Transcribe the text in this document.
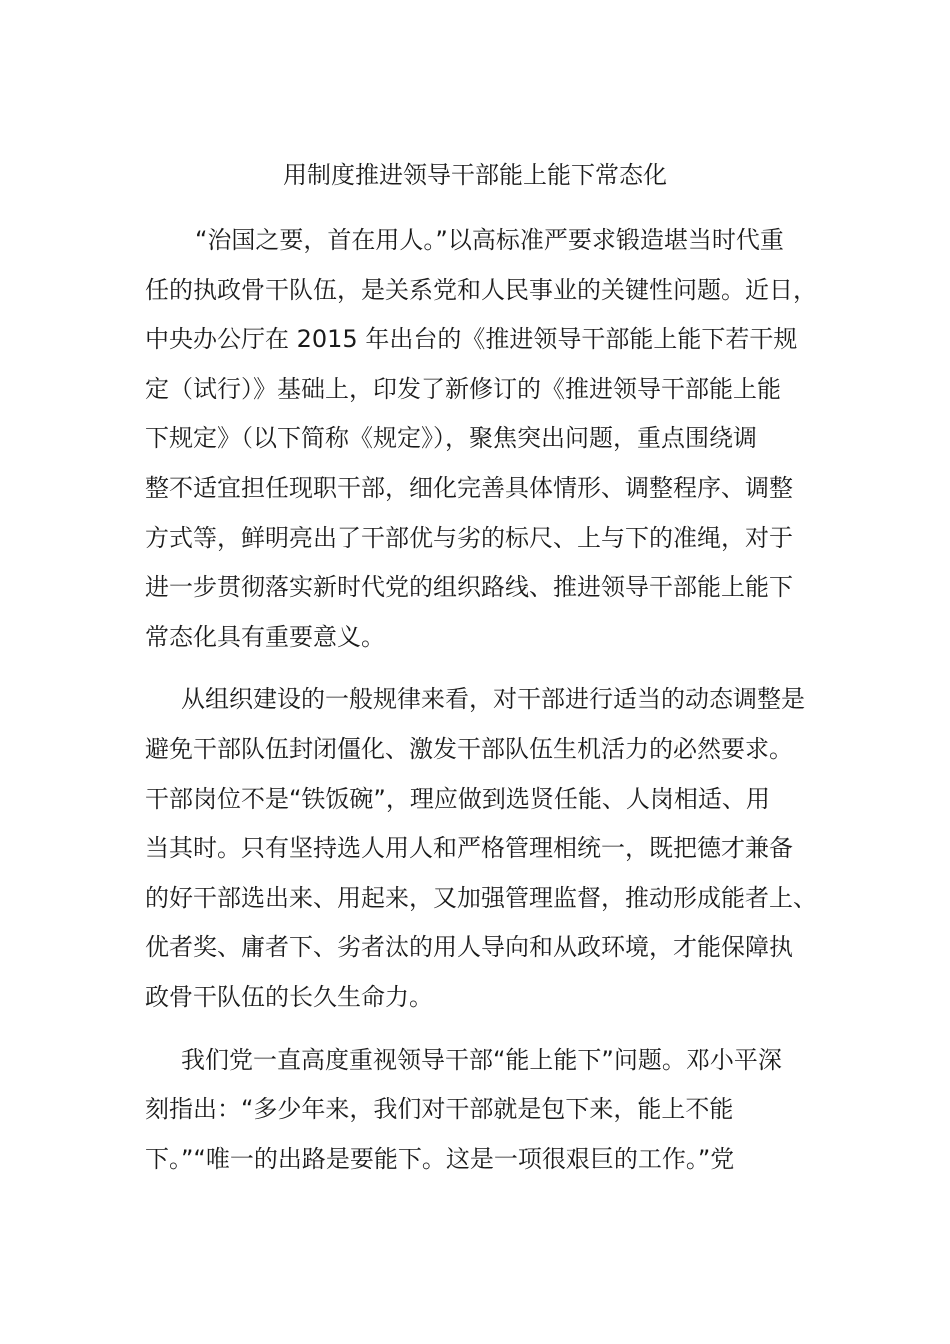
用制度推进领导干部能上能下常态化
“治国之要，首在用人。”以高标准严要求锻造堪当时代重
任的执政骨干队伍，是关系党和人民事业的关键性问题。近日，
中央办公厅在 2015 年出台的《推进领导干部能上能下若干规
定（试行）》基础上，印发了新修订的《推进领导干部能上能
下规定》（以下简称《规定》），聚焦突出问题，重点围绕调
整不适宜担任现职干部，细化完善具体情形、调整程序、调整
方式等，鲜明亮出了干部优与劣的标尺、上与下的准绳，对于
进一步贯彻落实新时代党的组织路线、推进领导干部能上能下
常态化具有重要意义。
从组织建设的一般规律来看，对干部进行适当的动态调整是
避免干部队伍封闭僵化、激发干部队伍生机活力的必然要求。
干部岗位不是“铁饭碗”，理应做到选贤任能、人岗相适、用
当其时。只有坚持选人用人和严格管理相统一，既把德才兼备
的好干部选出来、用起来，又加强管理监督，推动形成能者上、
优者奖、庸者下、劣者汰的用人导向和从政环境，才能保障执
政骨干队伍的长久生命力。
我们党一直高度重视领导干部“能上能下”问题。邓小平深
刻指出：“多少年来，我们对干部就是包下来，能上不能
下。”“唯一的出路是要能下。这是一项很艰巨的工作。”党
